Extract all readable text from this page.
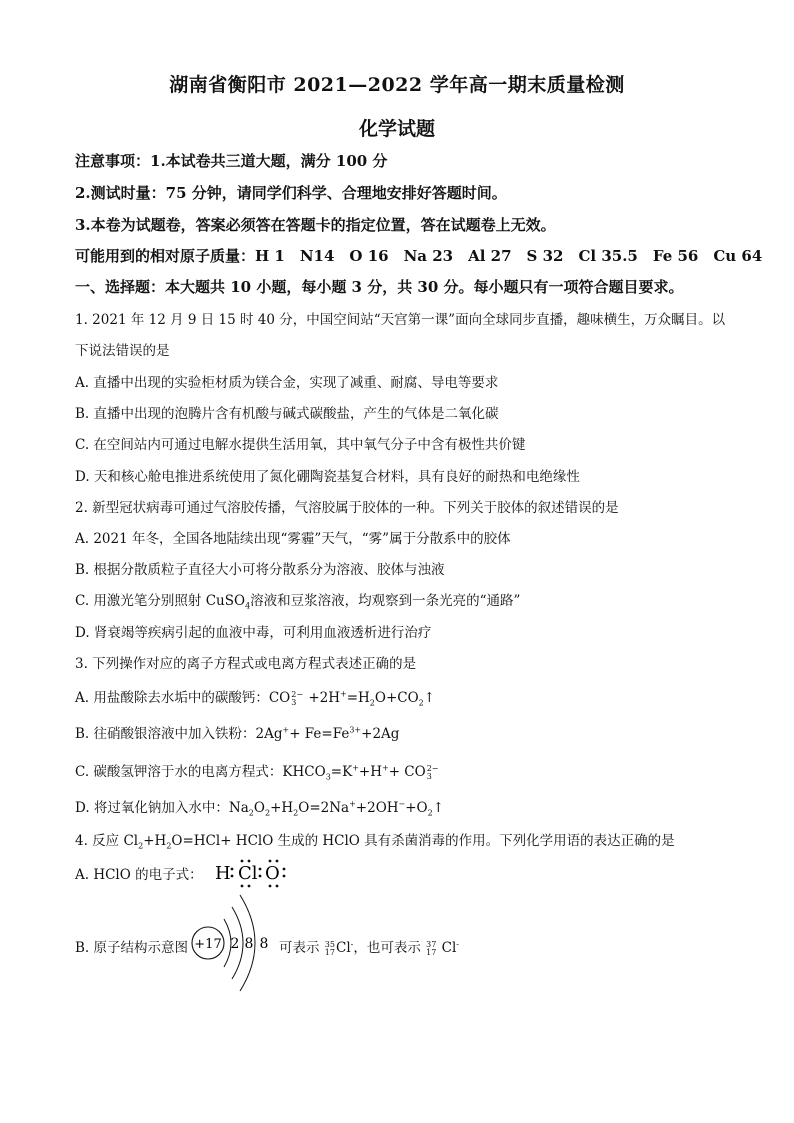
湖南省衡阳市 2021—2022 学年高一期末质量检测
化学试题
注意事项：1.本试卷共三道大题，满分 100 分
2.测试时量：75 分钟，请同学们科学、合理地安排好答题时间。
3.本卷为试题卷，答案必须答在答题卡的指定位置，答在试题卷上无效。
可能用到的相对原子质量：H 1　N14　O 16　Na 23　Al 27　S 32　Cl 35.5　Fe 56　Cu 64
一、选择题：本大题共 10 小题，每小题 3 分，共 30 分。每小题只有一项符合题目要求。
1. 2021 年 12 月 9 日 15 时 40 分，中国空间站“天宫第一课”面向全球同步直播，趣味横生，万众瞩目。以
下说法错误的是
A. 直播中出现的实验柜材质为镁合金，实现了减重、耐腐、导电等要求
B. 直播中出现的泡腾片含有机酸与碱式碳酸盐，产生的气体是二氧化碳
C. 在空间站内可通过电解水提供生活用氧，其中氧气分子中含有极性共价键
D. 天和核心舱电推进系统使用了氮化硼陶瓷基复合材料，具有良好的耐热和电绝缘性
2. 新型冠状病毒可通过气溶胶传播，气溶胶属于胶体的一种。下列关于胶体的叙述错误的是
A. 2021 年冬，全国各地陆续出现“雾霾”天气，“雾”属于分散系中的胶体
B. 根据分散质粒子直径大小可将分散系分为溶液、胶体与浊液
C. 用激光笔分别照射 CuSO$_4$溶液和豆浆溶液，均观察到一条光亮的“通路”
D. 肾衰竭等疾病引起的血液中毒，可利用血液透析进行治疗
3. 下列操作对应的离子方程式或电离方程式表述正确的是
A. 用盐酸除去水垢中的碳酸钙：CO2−
$3 +2H^+=H_2O+CO_2↑$
B. 往硝酸银溶液中加入铁粉：$2Ag^++ Fe=Fe^{3+}+2Ag$
C. 碳酸氢钾溶于水的电离方程式：$KHCO_3=K^++H^++ CO2-$
3
D. 将过氧化钠加入水中：$Na_2O_2+H_2O=2Na^++2OH^-+O_2↑$
4. 反应 $Cl_2+H_2O=HCl+$ HClO 生成的 HClO 具有杀菌消毒的作用。下列化学用语的表达正确的是
A. HClO 的电子式： H Cl O
B. 原子结构示意图 +17 2 8 8 可表示 35
17Cl-，也可表示 37
17 Cl-
